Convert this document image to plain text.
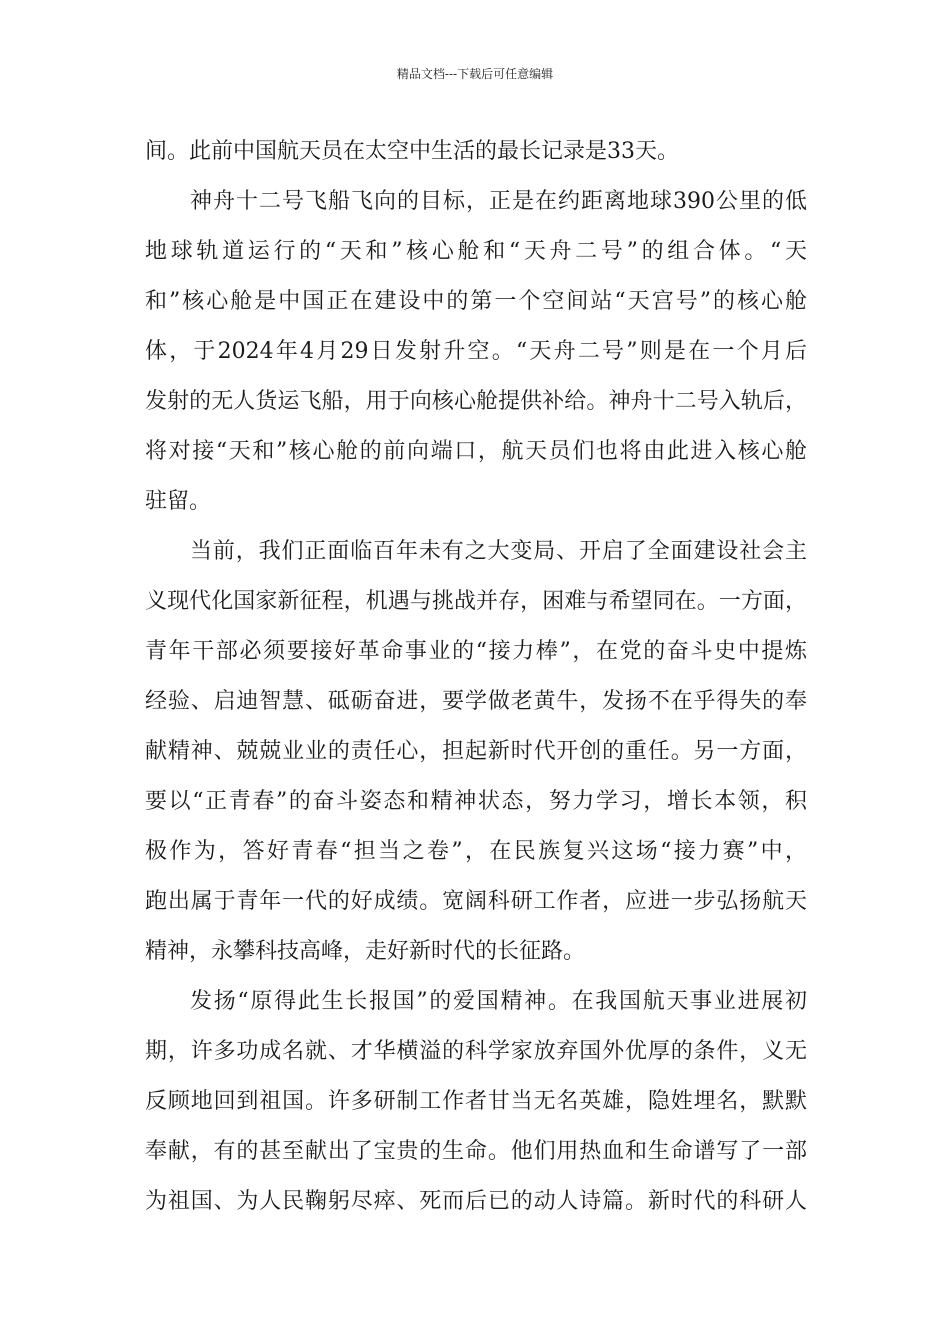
精品文档---下载后可任意编辑
间。此前中国航天员在太空中生活的最长记录是33天。
神舟十二号飞船飞向的目标，正是在约距离地球390公里的低
地球轨道运行的“天和”核心舱和“天舟二号”的组合体。“天
和”核心舱是中国正在建设中的第一个空间站“天宫号”的核心舱
体，于2024年4月29日发射升空。“天舟二号”则是在一个月后
发射的无人货运飞船，用于向核心舱提供补给。神舟十二号入轨后，
将对接“天和”核心舱的前向端口，航天员们也将由此进入核心舱
驻留。
当前，我们正面临百年未有之大变局、开启了全面建设社会主
义现代化国家新征程，机遇与挑战并存，困难与希望同在。一方面，
青年干部必须要接好革命事业的“接力棒”，在党的奋斗史中提炼
经验、启迪智慧、砥砺奋进，要学做老黄牛，发扬不在乎得失的奉
献精神、兢兢业业的责任心，担起新时代开创的重任。另一方面，
要以“正青春”的奋斗姿态和精神状态，努力学习，增长本领，积
极作为，答好青春“担当之卷”，在民族复兴这场“接力赛”中，
跑出属于青年一代的好成绩。宽阔科研工作者，应进一步弘扬航天
精神，永攀科技高峰，走好新时代的长征路。
发扬“原得此生长报国”的爱国精神。在我国航天事业进展初
期，许多功成名就、才华横溢的科学家放弃国外优厚的条件，义无
反顾地回到祖国。许多研制工作者甘当无名英雄，隐姓埋名，默默
奉献，有的甚至献出了宝贵的生命。他们用热血和生命谱写了一部
为祖国、为人民鞠躬尽瘁、死而后已的动人诗篇。新时代的科研人
